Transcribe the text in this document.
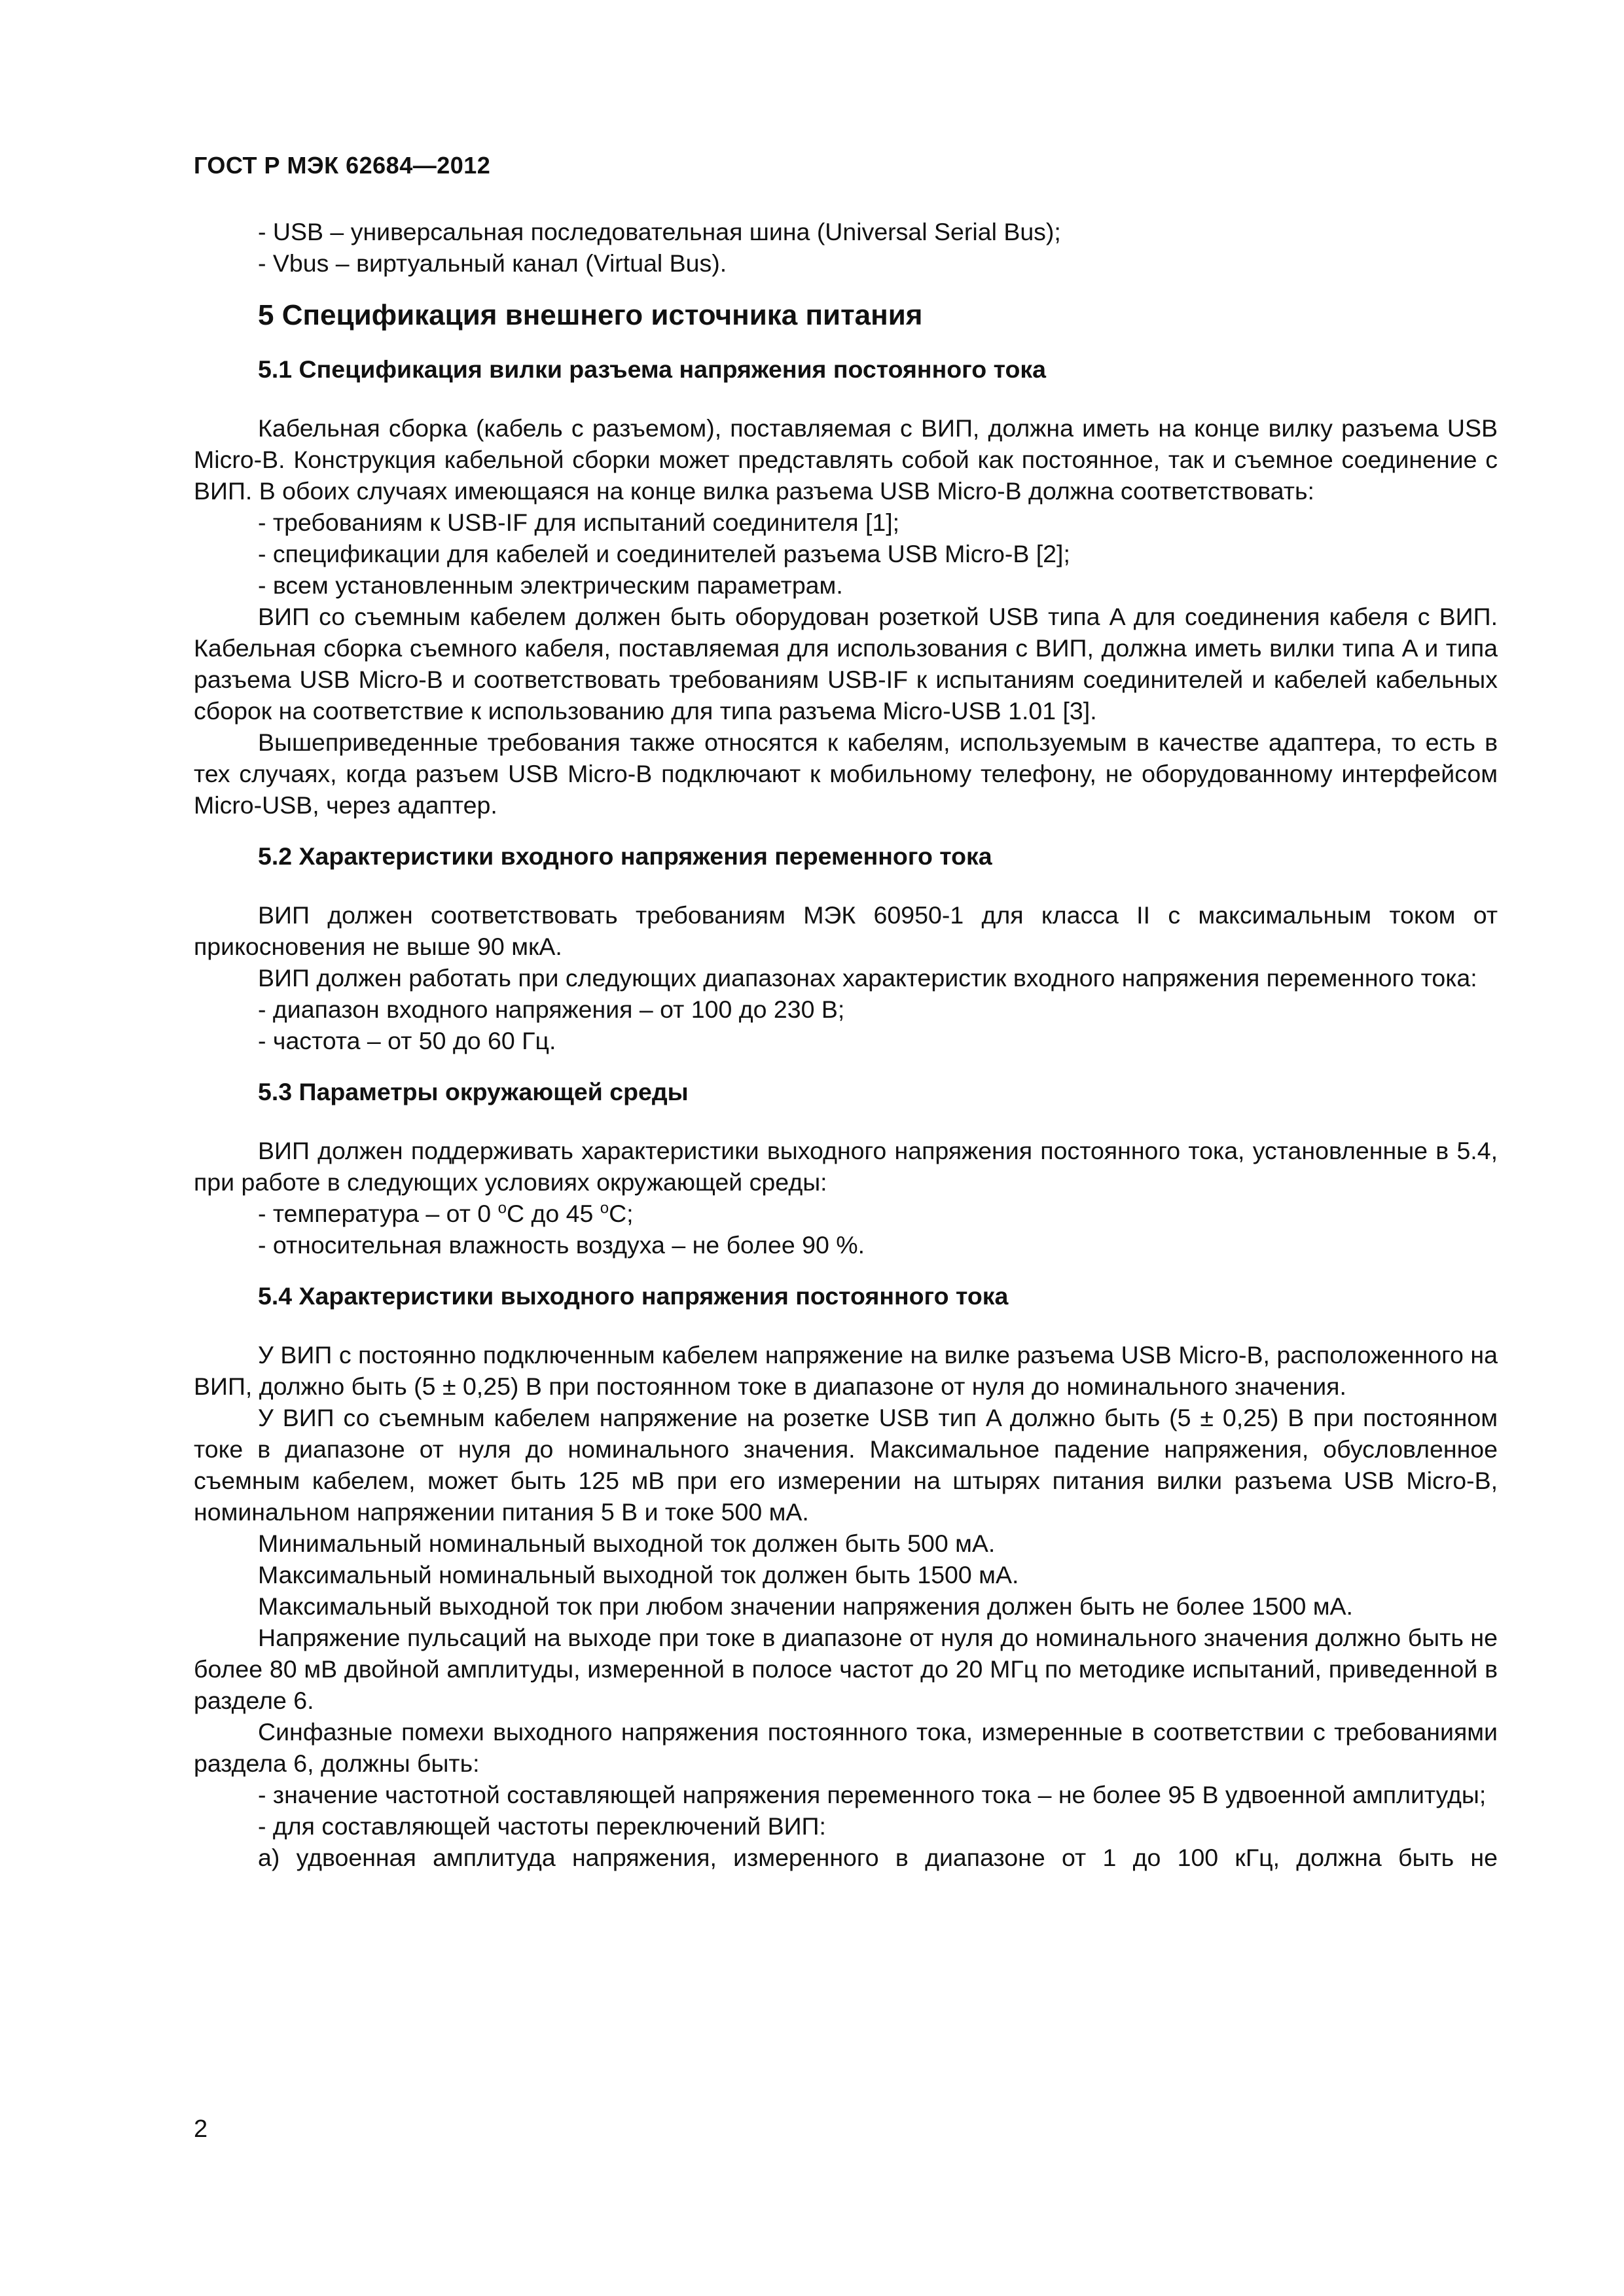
ГОСТ Р МЭК 62684—2012

- USB – универсальная последовательная шина (Universal Serial Bus);

- Vbus – виртуальный канал (Virtual Bus).

5 Спецификация внешнего источника питания
5.1 Спецификация вилки разъема напряжения постоянного тока

Кабельная сборка (кабель с разъемом), поставляемая с ВИП, должна иметь на конце вилку разъема USB Micro-B. Конструкция кабельной сборки может представлять собой как постоянное, так и съемное соединение с ВИП. В обоих случаях имеющаяся на конце вилка разъема USB Micro-B должна соответствовать:

- требованиям к USB-IF для испытаний соединителя [1];

- спецификации для кабелей и соединителей разъема USB Micro-B [2];

- всем установленным электрическим параметрам.

ВИП со съемным кабелем должен быть оборудован розеткой USB типа A для соединения кабеля с ВИП. Кабельная сборка съемного кабеля, поставляемая для использования с ВИП, должна иметь вилки типа A и типа разъема USB Micro-B и соответствовать требованиям USB-IF к испытаниям соединителей и кабелей кабельных сборок на соответствие к использованию для типа разъема Micro-USB 1.01 [3].

Вышеприведенные требования также относятся к кабелям, используемым в качестве адаптера, то есть в тех случаях, когда разъем USB Micro-B подключают к мобильному телефону, не оборудованному интерфейсом Micro-USB, через адаптер.

5.2 Характеристики входного напряжения переменного тока

ВИП должен соответствовать требованиям МЭК 60950-1 для класса II с максимальным током от прикосновения не выше 90 мкА.

ВИП должен работать при следующих диапазонах характеристик входного напряжения переменного тока:

- диапазон входного напряжения – от 100 до 230 В;

- частота – от 50 до 60 Гц.

5.3 Параметры окружающей среды

ВИП должен поддерживать характеристики выходного напряжения постоянного тока, установленные в 5.4, при работе в следующих условиях окружающей среды:

- температура – от 0 $^o$C до 45 $^o$C;

- относительная влажность воздуха – не более 90 %.

5.4 Характеристики выходного напряжения постоянного тока

У ВИП с постоянно подключенным кабелем напряжение на вилке разъема USB Micro-B, расположенного на ВИП, должно быть (5 ± 0,25) В при постоянном токе в диапазоне от нуля до номинального значения.

У ВИП со съемным кабелем напряжение на розетке USB тип A должно быть (5 ± 0,25) В при постоянном токе в диапазоне от нуля до номинального значения. Максимальное падение напряжения, обусловленное съемным кабелем, может быть 125 мВ при его измерении на штырях питания вилки разъема USB Micro-B, номинальном напряжении питания 5 В и токе 500 мА.

Минимальный номинальный выходной ток должен быть 500 мА.

Максимальный номинальный выходной ток должен быть 1500 мА.

Максимальный выходной ток при любом значении напряжения должен быть не более 1500 мА.

Напряжение пульсаций на выходе при токе в диапазоне от нуля до номинального значения должно быть не более 80 мВ двойной амплитуды, измеренной в полосе частот до 20 МГц по методике испытаний, приведенной в разделе 6.

Синфазные помехи выходного напряжения постоянного тока, измеренные в соответствии с требованиями раздела 6, должны быть:

- значение частотной составляющей напряжения переменного тока – не более 95 В удвоенной амплитуды;

- для составляющей частоты переключений ВИП:

а) удвоенная амплитуда напряжения, измеренного в диапазоне от 1 до 100 кГц, должна быть не

2
